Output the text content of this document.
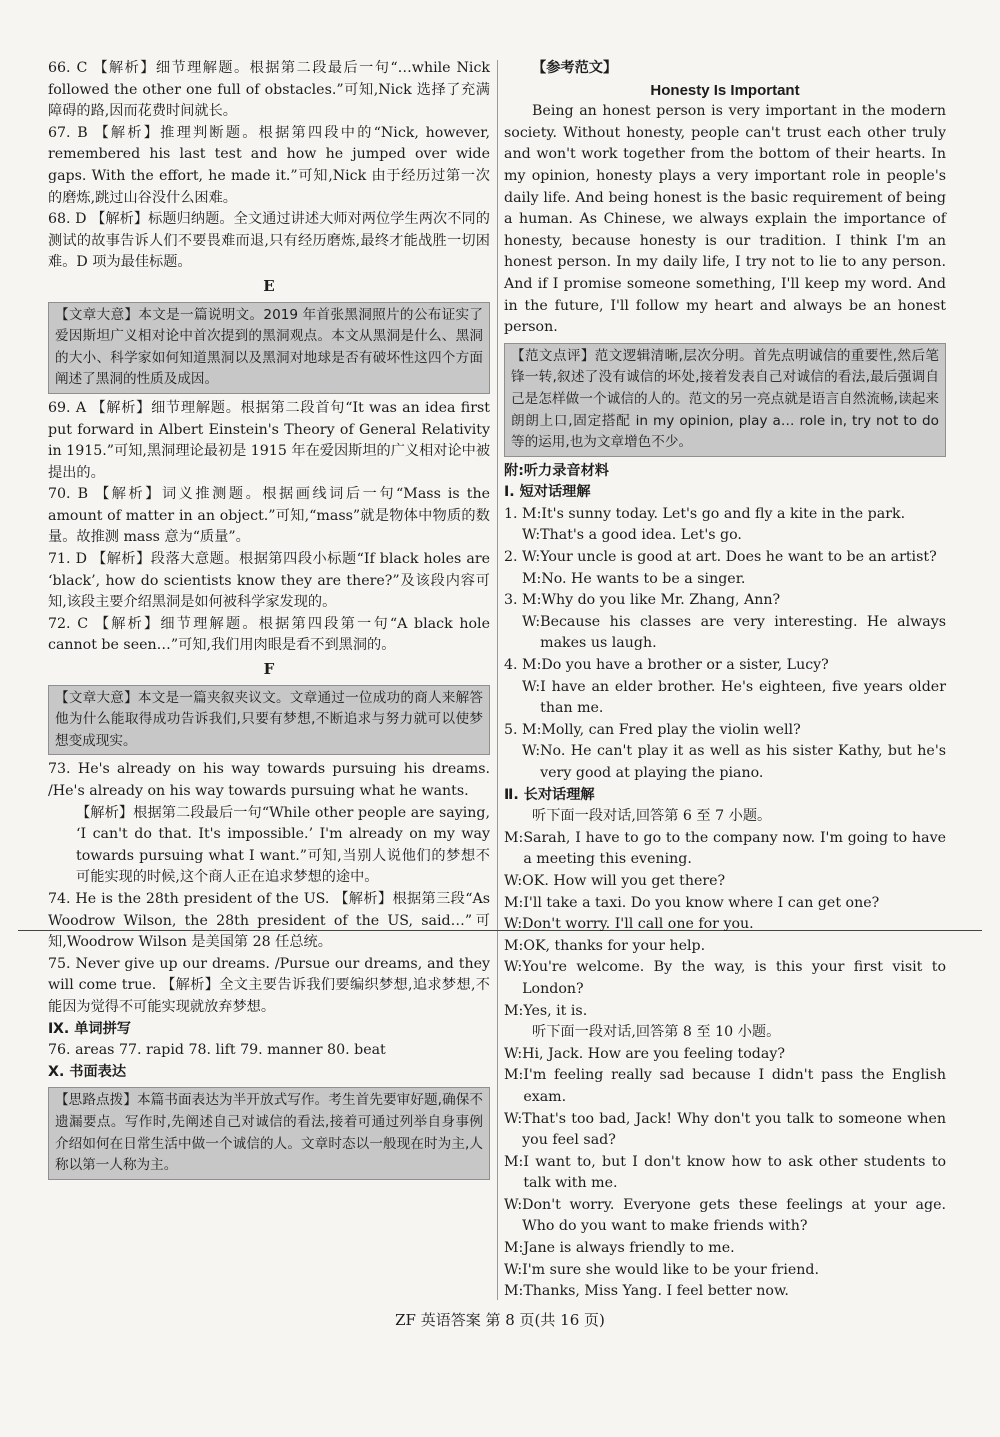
66. C 【解析】细节理解题。根据第二段最后一句“…while Nick followed the other one full of obstacles.”可知,Nick 选择了充满障碍的路,因而花费时间就长。

67. B 【解析】推理判断题。根据第四段中的“Nick, however, remembered his last test and how he jumped over wide gaps. With the effort, he made it.”可知,Nick 由于经历过第一次的磨炼,跳过山谷没什么困难。

68. D 【解析】标题归纳题。全文通过讲述大师对两位学生两次不同的测试的故事告诉人们不要畏难而退,只有经历磨炼,最终才能战胜一切困难。D 项为最佳标题。

E

【文章大意】本文是一篇说明文。2019 年首张黑洞照片的公布证实了爱因斯坦广义相对论中首次提到的黑洞观点。本文从黑洞是什么、黑洞的大小、科学家如何知道黑洞以及黑洞对地球是否有破坏性这四个方面阐述了黑洞的性质及成因。

69. A 【解析】细节理解题。根据第二段首句“It was an idea first put forward in Albert Einstein's Theory of General Relativity in 1915.”可知,黑洞理论最初是 1915 年在爱因斯坦的广义相对论中被提出的。

70. B 【解析】词义推测题。根据画线词后一句“Mass is the amount of matter in an object.”可知,“mass”就是物体中物质的数量。故推测 mass 意为“质量”。

71. D 【解析】段落大意题。根据第四段小标题“If black holes are ‘black’, how do scientists know they are there?”及该段内容可知,该段主要介绍黑洞是如何被科学家发现的。

72. C 【解析】细节理解题。根据第四段第一句“A black hole cannot be seen…”可知,我们用肉眼是看不到黑洞的。

F

【文章大意】本文是一篇夹叙夹议文。文章通过一位成功的商人来解答他为什么能取得成功告诉我们,只要有梦想,不断追求与努力就可以使梦想变成现实。

73. He's already on his way towards pursuing his dreams. /He's already on his way towards pursuing what he wants.

【解析】根据第二段最后一句“While other people are saying, ‘I can't do that. It's impossible.’ I'm already on my way towards pursuing what I want.”可知,当别人说他们的梦想不可能实现的时候,这个商人正在追求梦想的途中。

74. He is the 28th president of the US. 【解析】根据第三段“As Woodrow Wilson, the 28th president of the US, said…”可知,Woodrow Wilson 是美国第 28 任总统。

75. Never give up our dreams. /Pursue our dreams, and they will come true. 【解析】全文主要告诉我们要编织梦想,追求梦想,不能因为觉得不可能实现就放弃梦想。

Ⅸ. 单词拼写

76. areas 77. rapid 78. lift 79. manner 80. beat

Ⅹ. 书面表达

【思路点拨】本篇书面表达为半开放式写作。考生首先要审好题,确保不遗漏要点。写作时,先阐述自己对诚信的看法,接着可通过列举自身事例介绍如何在日常生活中做一个诚信的人。文章时态以一般现在时为主,人称以第一人称为主。

【参考范文】

Honesty Is Important

Being an honest person is very important in the modern society. Without honesty, people can't trust each other truly and won't work together from the bottom of their hearts. In my opinion, honesty plays a very important role in people's daily life. And being honest is the basic requirement of being a human. As Chinese, we always explain the importance of honesty, because honesty is our tradition. I think I'm an honest person. In my daily life, I try not to lie to any person. And if I promise someone something, I'll keep my word. And in the future, I'll follow my heart and always be an honest person.

【范文点评】范文逻辑清晰,层次分明。首先点明诚信的重要性,然后笔锋一转,叙述了没有诚信的坏处,接着发表自己对诚信的看法,最后强调自己是怎样做一个诚信的人的。范文的另一亮点就是语言自然流畅,读起来朗朗上口,固定搭配 in my opinion, play a… role in, try not to do 等的运用,也为文章增色不少。

附:听力录音材料

Ⅰ. 短对话理解

1. M: It's sunny today. Let's go and fly a kite in the park.
W: That's a good idea. Let's go.
2. W: Your uncle is good at art. Does he want to be an artist?
M: No. He wants to be a singer.
3. M: Why do you like Mr. Zhang, Ann?
W: Because his classes are very interesting. He always makes us laugh.
4. M: Do you have a brother or a sister, Lucy?
W: I have an elder brother. He's eighteen, five years older than me.
5. M: Molly, can Fred play the violin well?
W: No. He can't play it as well as his sister Kathy, but he's very good at playing the piano.

Ⅱ. 长对话理解

听下面一段对话,回答第 6 至 7 小题。

M: Sarah, I have to go to the company now. I'm going to have a meeting this evening.
W: OK. How will you get there?
M: I'll take a taxi. Do you know where I can get one?
W: Don't worry. I'll call one for you.
M: OK, thanks for your help.
W: You're welcome. By the way, is this your first visit to London?
M: Yes, it is.

听下面一段对话,回答第 8 至 10 小题。

W: Hi, Jack. How are you feeling today?
M: I'm feeling really sad because I didn't pass the English exam.
W: That's too bad, Jack! Why don't you talk to someone when you feel sad?
M: I want to, but I don't know how to ask other students to talk with me.
W: Don't worry. Everyone gets these feelings at your age. Who do you want to make friends with?
M: Jane is always friendly to me.
W: I'm sure she would like to be your friend.
M: Thanks, Miss Yang. I feel better now.
ZF 英语答案 第 8 页(共 16 页)
